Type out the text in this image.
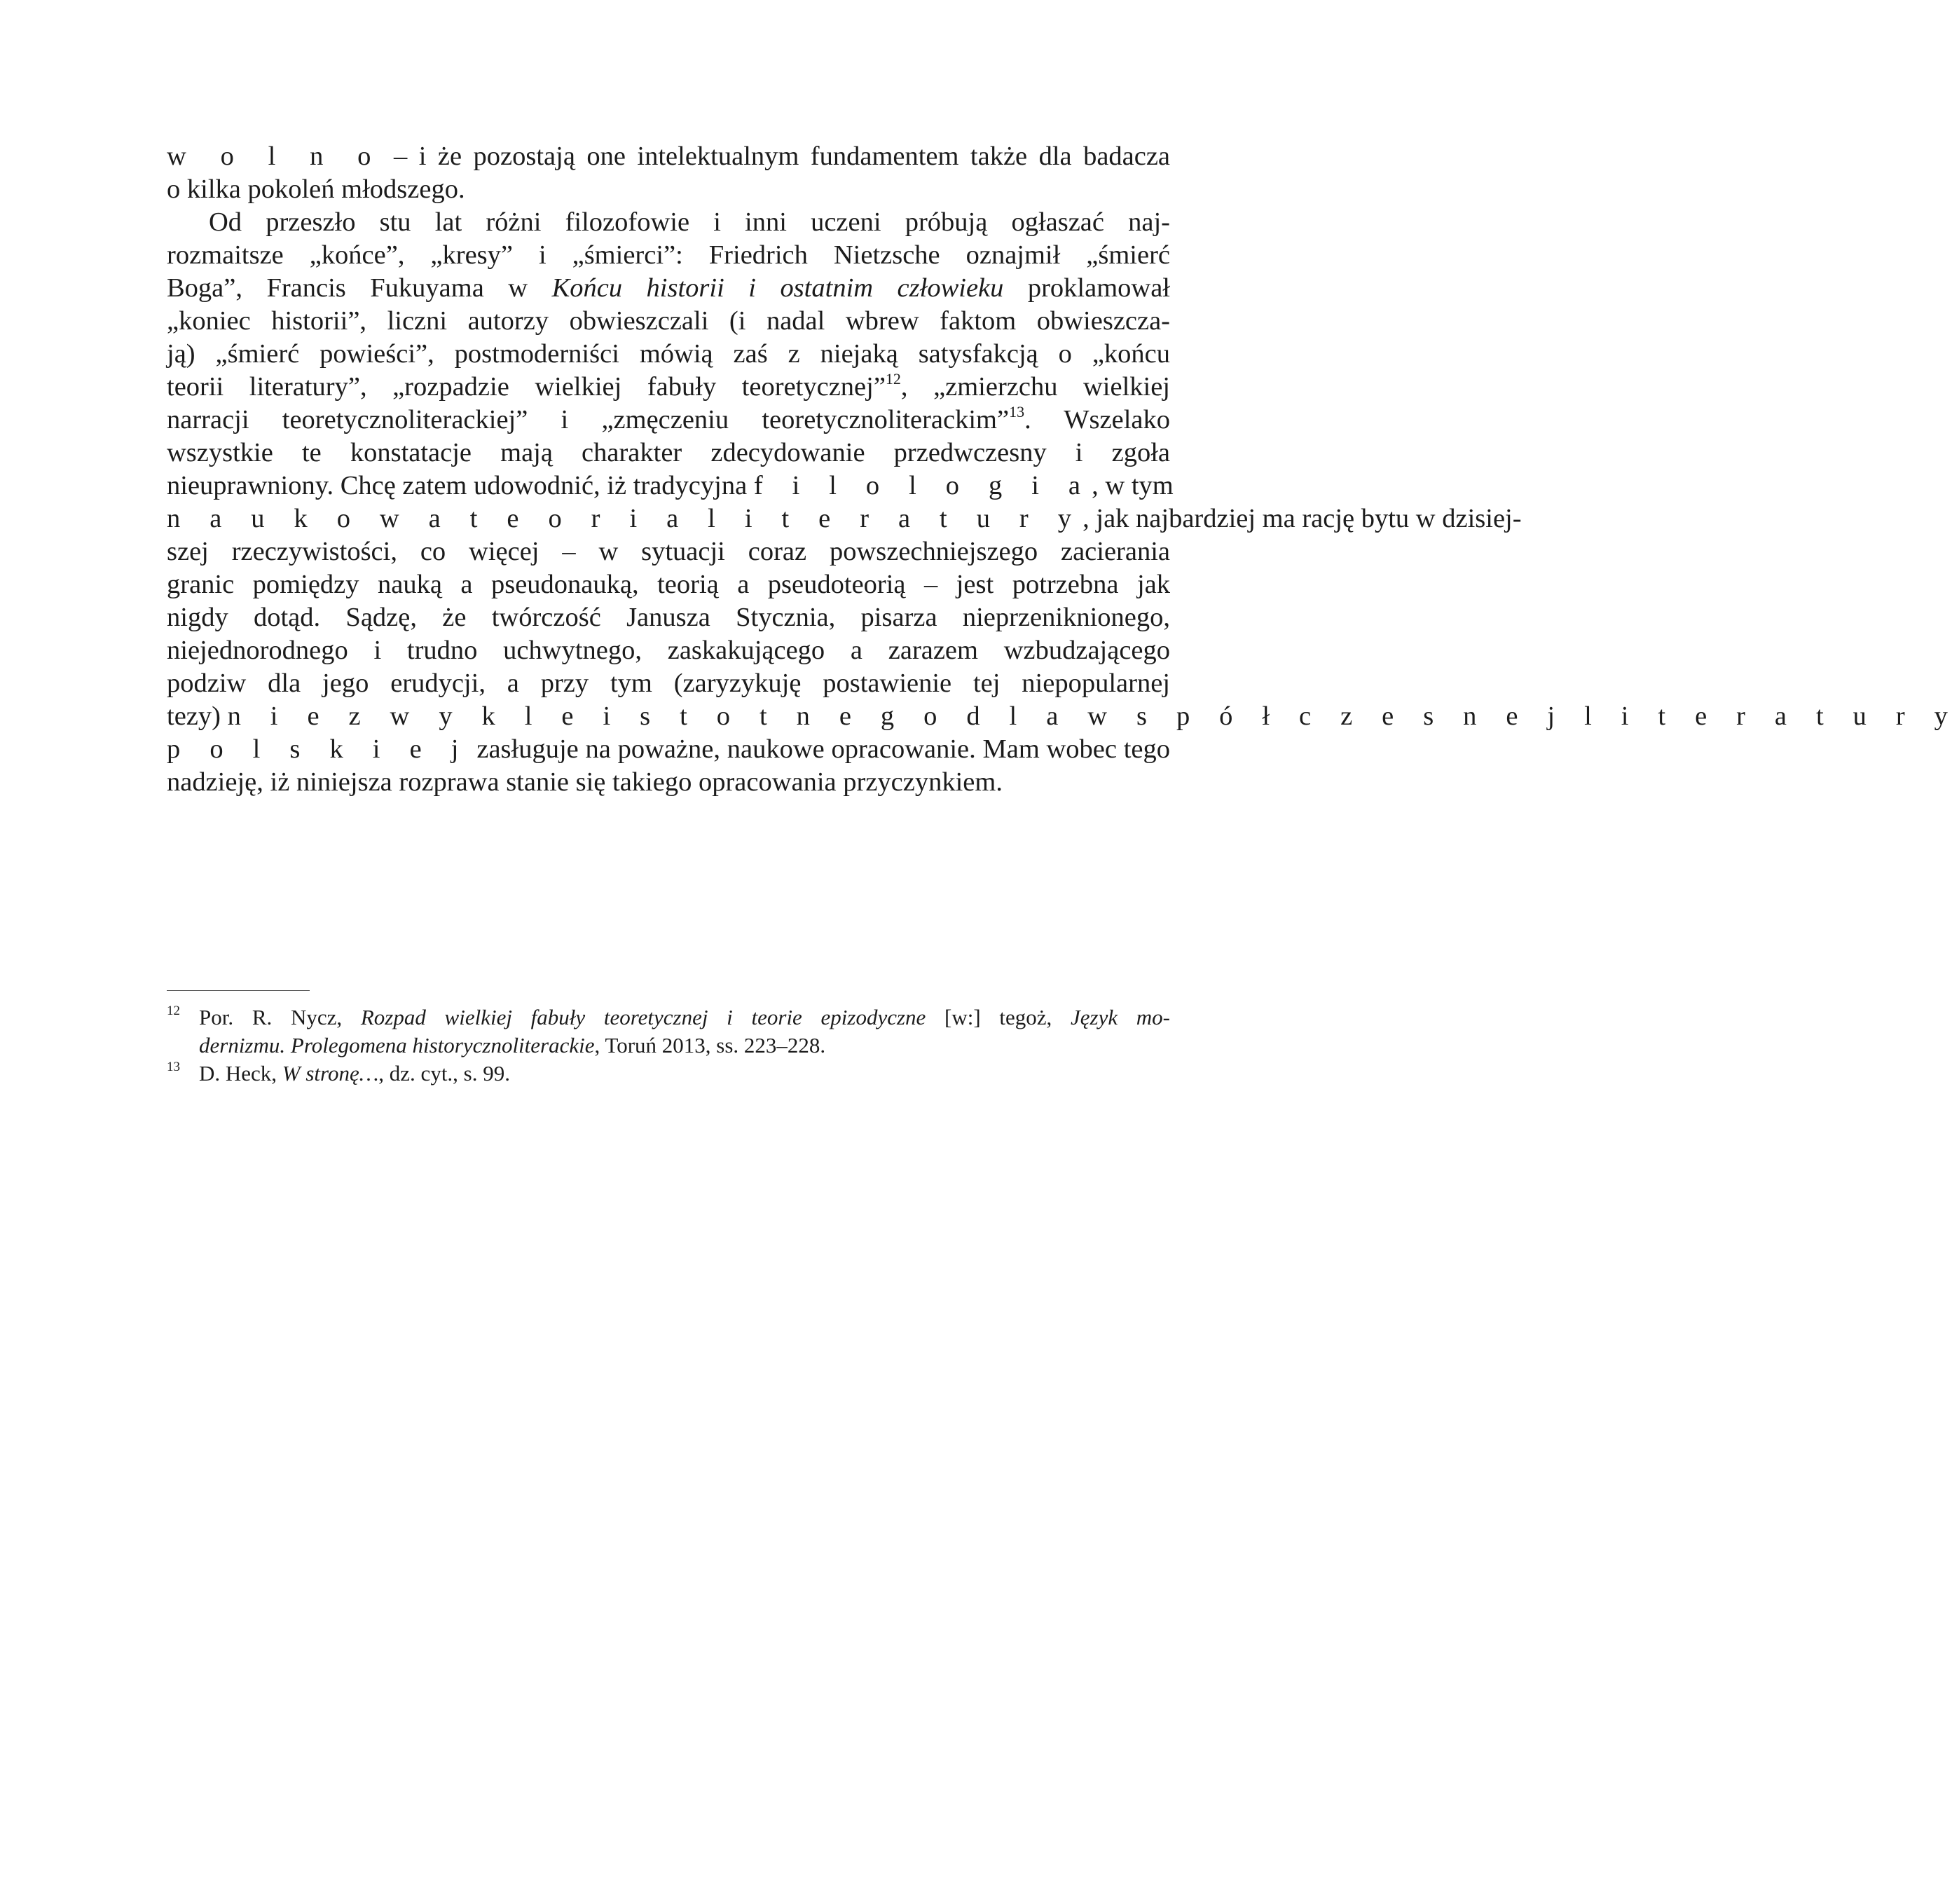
w o l n o – i że pozostają one intelektualnym fundamentem także dla badacza
o kilka pokoleń młodszego.
Od przeszło stu lat różni filozofowie i inni uczeni próbują ogłaszać naj-
rozmaitsze „końce”, „kresy” i „śmierci”: Friedrich Nietzsche oznajmił „śmierć
Boga”, Francis Fukuyama w Końcu historii i ostatnim człowieku proklamował
„koniec historii”, liczni autorzy obwieszczali (i nadal wbrew faktom obwieszcza-
ją) „śmierć powieści”, postmoderniści mówią zaś z niejaką satysfakcją o „końcu
teorii literatury”, „rozpadzie wielkiej fabuły teoretycznej”$^{12}$, „zmierzchu wielkiej
narracji teoretycznoliterackiej” i „zmęczeniu teoretycznoliterackim”$^{13}$. Wszelako
wszystkie te konstatacje mają charakter zdecydowanie przedwczesny i zgoła
nieuprawniony. Chcę zatem udowodnić, iż tradycyjna f i l o l o g i a, w tym
n a u k o w a t e o r i a l i t e r a t u r y, jak najbardziej ma rację bytu w dzisiej-
szej rzeczywistości, co więcej – w sytuacji coraz powszechniejszego zacierania
granic pomiędzy nauką a pseudonauką, teorią a pseudoteorią – jest potrzebna jak
nigdy dotąd. Sądzę, że twórczość Janusza Stycznia, pisarza nieprzeniknionego,
niejednorodnego i trudno uchwytnego, zaskakującego a zarazem wzbudzającego
podziw dla jego erudycji, a przy tym (zaryzykuję postawienie tej niepopularnej
tezy) n i e z w y k l e i s t o t n e g o d l a w s p ó ł c z e s n e j l i t e r a t u r y
p o l s k i e j zasługuje na poważne, naukowe opracowanie. Mam wobec tego
nadzieję, iż niniejsza rozprawa stanie się takiego opracowania przyczynkiem.
12 Por. R. Nycz, Rozpad wielkiej fabuły teoretycznej i teorie epizodyczne [w:] tegoż, Język mo-
dernizmu. Prolegomena historycznoliterackie, Toruń 2013, ss. 223–228.
13 D. Heck, W stronę…, dz. cyt., s. 99.
